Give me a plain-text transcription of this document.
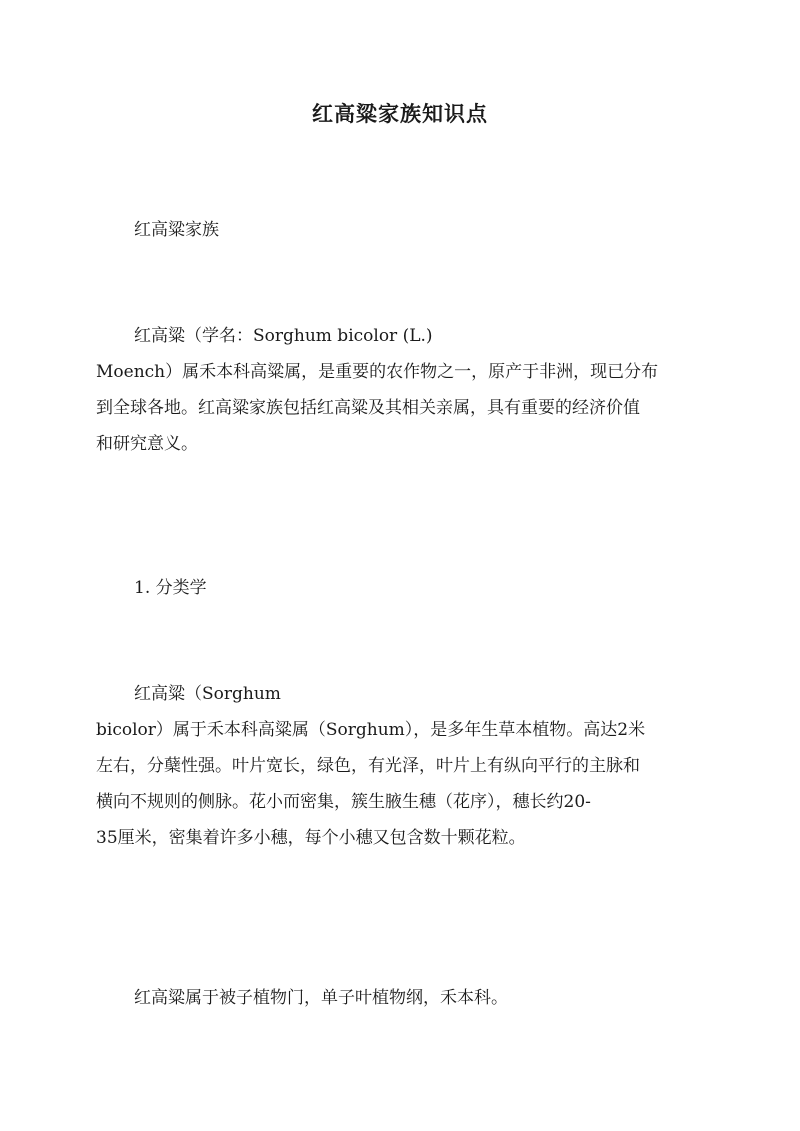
红高粱家族知识点
红高粱家族
红高粱（学名：Sorghum bicolor (L.)
Moench）属禾本科高粱属，是重要的农作物之一，原产于非洲，现已分布
到全球各地。红高粱家族包括红高粱及其相关亲属，具有重要的经济价值
和研究意义。
1. 分类学
红高粱（Sorghum
bicolor）属于禾本科高粱属（Sorghum），是多年生草本植物。高达2米
左右，分蘖性强。叶片宽长，绿色，有光泽，叶片上有纵向平行的主脉和
横向不规则的侧脉。花小而密集，簇生腋生穗（花序），穗长约20-
35厘米，密集着许多小穗，每个小穗又包含数十颗花粒。
红高粱属于被子植物门，单子叶植物纲，禾本科。
